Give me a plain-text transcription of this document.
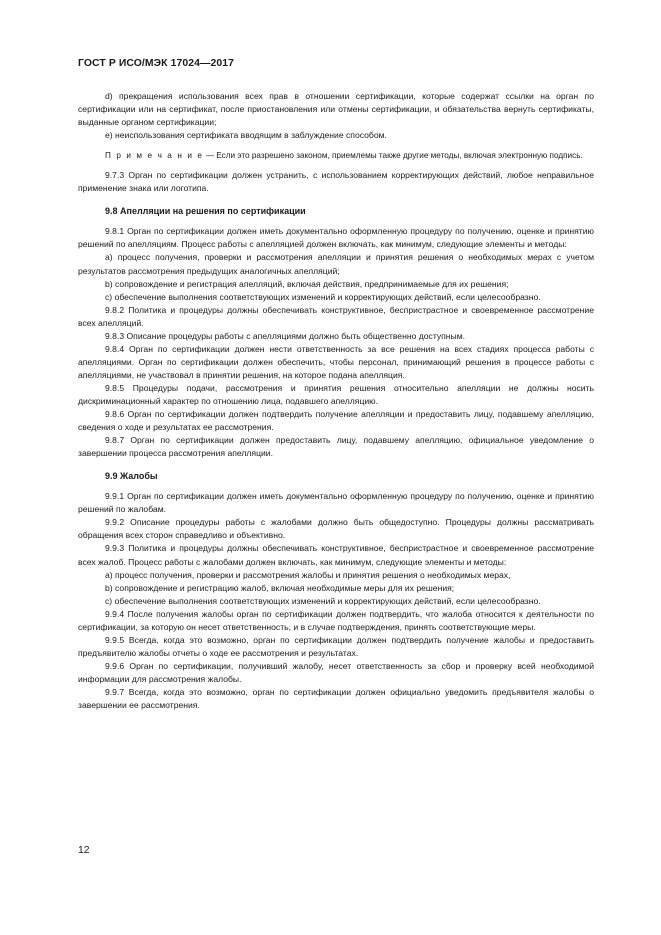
ГОСТ Р ИСО/МЭК 17024—2017

d) прекращения использования всех прав в отношении сертификации, которые содержат ссылки на орган по сертификации или на сертификат, после приостановления или отмены сертификации, и обязательства вернуть сертификаты, выданные органом сертификации;

e) неиспользования сертификата вводящим в заблуждение способом.

П р и м е ч а н и е — Если это разрешено законом, приемлемы также другие методы, включая электронную подпись.

9.7.3 Орган по сертификации должен устранить, с использованием корректирующих действий, любое неправильное применение знака или логотипа.

9.8 Апелляции на решения по сертификации

9.8.1 Орган по сертификации должен иметь документально оформленную процедуру по получению, оценке и принятию решений по апелляциям. Процесс работы с апелляцией должен включать, как минимум, следующие элементы и методы:

a) процесс получения, проверки и рассмотрения апелляции и принятия решения о необходимых мерах с учетом результатов рассмотрения предыдущих аналогичных апелляций;

b) сопровождение и регистрация апелляций, включая действия, предпринимаемые для их решения;

c) обеспечение выполнения соответствующих изменений и корректирующих действий, если целесообразно.

9.8.2 Политика и процедуры должны обеспечивать конструктивное, беспристрастное и своевременное рассмотрение всех апелляций.

9.8.3 Описание процедуры работы с апелляциями должно быть общественно доступным.

9.8.4 Орган по сертификации должен нести ответственность за все решения на всех стадиях процесса работы с апелляциями. Орган по сертификации должен обеспечить, чтобы персонал, принимающий решения в процессе работы с апелляциями, не участвовал в принятии решения, на которое подана апелляция.

9.8.5 Процедуры подачи, рассмотрения и принятия решения относительно апелляции не должны носить дискриминационный характер по отношению лица, подавшего апелляцию.

9.8.6 Орган по сертификации должен подтвердить получение апелляции и предоставить лицу, подавшему апелляцию, сведения о ходе и результатах ее рассмотрения.

9.8.7 Орган по сертификации должен предоставить лицу, подавшему апелляцию, официальное уведомление о завершении процесса рассмотрения апелляции.

9.9 Жалобы

9.9.1 Орган по сертификации должен иметь документально оформленную процедуру по получению, оценке и принятию решений по жалобам.

9.9.2 Описание процедуры работы с жалобами должно быть общедоступно. Процедуры должны рассматривать обращения всех сторон справедливо и объективно.

9.9.3 Политика и процедуры должны обеспечивать конструктивное, беспристрастное и своевременное рассмотрение всех жалоб. Процесс работы с жалобами должен включать, как минимум, следующие элементы и методы:

a) процесс получения, проверки и рассмотрения жалобы и принятия решения о необходимых мерах,

b) сопровождение и регистрацию жалоб, включая необходимые меры для их решения;

c) обеспечение выполнения соответствующих изменений и корректирующих действий, если целесообразно.

9.9.4 После получения жалобы орган по сертификации должен подтвердить, что жалоба относится к деятельности по сертификации, за которую он несет ответственность, и в случае подтверждения, принять соответствующие меры.

9.9.5 Всегда, когда это возможно, орган по сертификации должен подтвердить получение жалобы и предоставить предъявителю жалобы отчеты о ходе ее рассмотрения и результатах.

9.9.6 Орган по сертификации, получивший жалобу, несет ответственность за сбор и проверку всей необходимой информации для рассмотрения жалобы.

9.9.7 Всегда, когда это возможно, орган по сертификации должен официально уведомить предъявителя жалобы о завершении ее рассмотрения.

12
